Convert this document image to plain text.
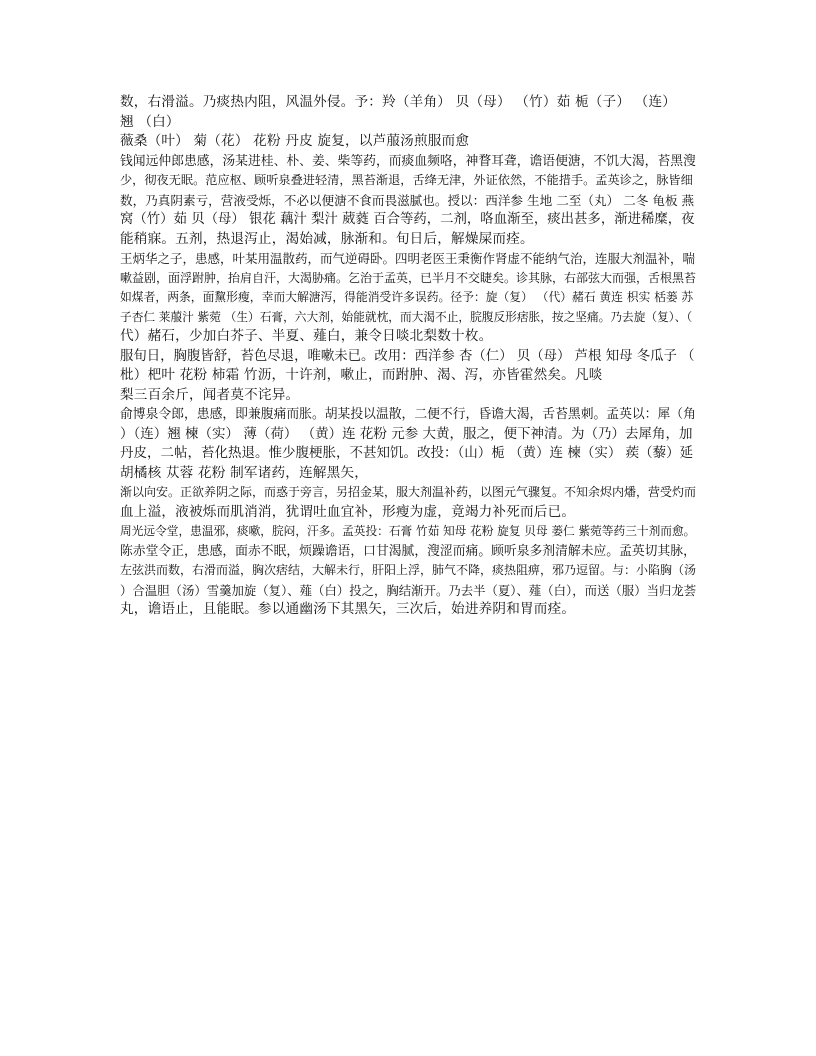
数，右滑溢。乃痰热内阻，风温外侵。予：羚（羊角） 贝（母） （竹）茹 栀（子） （连）
翘 （白）
薇桑（叶） 菊（花） 花粉 丹皮 旋复，以芦菔汤煎服而愈
钱闻远仲郎患感，汤某进桂、朴、姜、柴等药，而痰血频咯，神瞀耳聋，谵语便溏，不饥大渴，苔黑溲
少，彻夜无眠。范应枢、顾听泉叠进轻清，黑苔渐退，舌绛无津，外证依然，不能措手。孟英诊之，脉皆细
数，乃真阴素亏，营液受烁，不必以便溏不食而畏滋腻也。授以：西洋参 生地 二至（丸） 二冬 龟板 燕
窝（竹）茹 贝（母） 银花 藕汁 梨汁 葳蕤 百合等药，二剂，咯血渐至，痰出甚多，渐进稀糜，夜
能稍寐。五剂，热退泻止，渴始减，脉渐和。旬日后，解燥屎而痊。
王炳华之子，患感，叶某用温散药，而气逆碍卧。四明老医王秉衡作肾虚不能纳气治，连服大剂温补，喘
嗽益剧，面浮跗肿，抬肩自汗，大渴胁痛。乞治于孟英，已半月不交睫矣。诊其脉，右部弦大而强，舌根黑苔
如煤者，两条，面黧形瘦，幸而大解溏泻，得能消受许多误药。径予：旋（复） （代）赭石 黄连 枳实 栝蒌 苏
子杏仁 莱菔汁 紫菀 （生）石膏，六大剂，始能就枕，而大渴不止，脘腹反形痞胀，按之坚痛。乃去旋（复）、（
代）赭石，少加白芥子、半夏、薤白，兼令日啖北梨数十枚。
服旬日，胸腹皆舒，苔色尽退，唯嗽未已。改用：西洋参 杏（仁） 贝（母） 芦根 知母 冬瓜子 （
枇）杷叶 花粉 柿霜 竹沥，十许剂，嗽止，而跗肿、渴、泻，亦皆霍然矣。凡啖
梨三百余斤，闻者莫不诧异。
俞博泉令郎，患感，即兼腹痛而胀。胡某投以温散，二便不行，昏谵大渴，舌苔黑刺。孟英以：犀（角
）（连）翘 楝（实） 薄（荷） （黄）连 花粉 元参 大黄，服之，便下神清。为（乃）去犀角，加
丹皮，二帖，苔化热退。惟少腹梗胀，不甚知饥。改投：（山）栀 （黄）连 楝（实） 蒺（藜）延
胡橘核 苁蓉 花粉 制军诸药，连解黑矢，
渐以向安。正欲养阴之际，而惑于旁言，另招金某，服大剂温补药，以图元气骤复。不知余烬内燔，营受灼而
血上溢，液被烁而肌消消，犹谓吐血宜补，形瘦为虚，竟竭力补死而后已。
周光远令堂，患温邪，痰嗽，脘闷，汗多。孟英投：石膏 竹茹 知母 花粉 旋复 贝母 蒌仁 紫菀等药三十剂而愈。
陈赤堂令正，患感，面赤不眠，烦躁谵语，口甘渴腻，溲涩而痛。顾听泉多剂清解未应。孟英切其脉，
左弦洪而数，右滑而溢，胸次痞结，大解未行，肝阳上浮，肺气不降，痰热阻痹，邪乃逗留。与：小陷胸（汤
）合温胆（汤）雪羹加旋（复）、薤（白）投之，胸结渐开。乃去半（夏）、薤（白），而送（服）当归龙荟
丸，谵语止，且能眠。参以通幽汤下其黑矢，三次后，始进养阴和胃而痊。
